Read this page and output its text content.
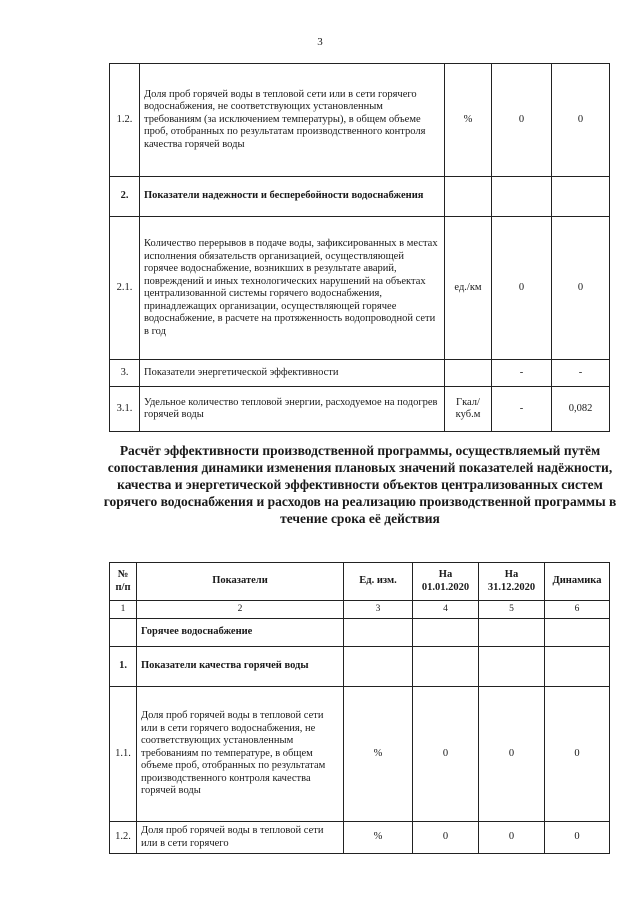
3
1.2.	Доля проб горячей воды в тепловой сети или в сети горячего водоснабжения, не соответствующих установленным требованиям (за исключением температуры), в общем объеме проб, отобранных по результатам производственного контроля качества горячей воды	%	0	0
2.	Показатели надежности и бесперебойности водоснабжения			
2.1.	Количество перерывов в подаче воды, зафиксированных в местах исполнения обязательств организацией, осуществляющей горячее водоснабжение, возникших в результате аварий, повреждений и иных технологических нарушений на объектах централизованной системы горячего водоснабжения, принадлежащих организации, осуществляющей горячее водоснабжение, в расчете на протяженность водопроводной сети в год	ед./км	0	0
3.	Показатели энергетической эффективности		-	-
3.1.	Удельное количество тепловой энергии, расходуемое на подогрев горячей воды	Гкал/ куб.м	-	0,082
Расчёт эффективности производственной программы, осуществляемый путём сопоставления динамики изменения плановых значений показателей надёжности, качества и энергетической эффективности объектов централизованных систем горячего водоснабжения и расходов на реализацию производственной программы в течение срока её действия
№ п/п	Показатели	Ед. изм.	На 01.01.2020	На 31.12.2020	Динамика
1	2	3	4	5	6
	Горячее водоснабжение				
1.	Показатели качества горячей воды				
1.1.	Доля проб горячей воды в тепловой сети или в сети горячего водоснабжения, не соответствующих установленным требованиям по температуре, в общем объеме проб, отобранных по результатам производственного контроля качества горячей воды	%	0	0	0
1.2.	Доля проб горячей воды в тепловой сети или в сети горячего	%	0	0	0
